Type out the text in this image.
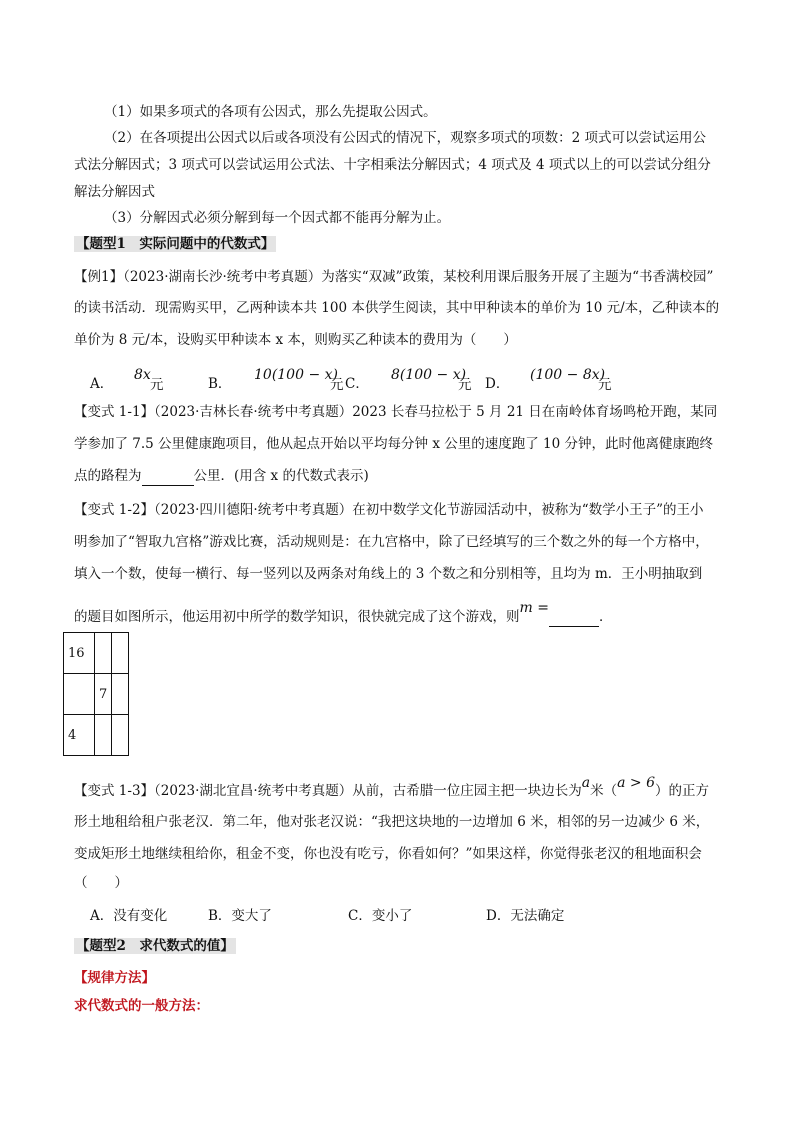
（1）如果多项式的各项有公因式，那么先提取公因式。
（2）在各项提出公因式以后或各项没有公因式的情况下，观察多项式的项数：2 项式可以尝试运用公
式法分解因式；3 项式可以尝试运用公式法、十字相乘法分解因式；4 项式及 4 项式以上的可以尝试分组分
解法分解因式
（3）分解因式必须分解到每一个因式都不能再分解为止。
【题型1　实际问题中的代数式】
【例1】（2023·湖南长沙·统考中考真题）为落实“双减”政策，某校利用课后服务开展了主题为“书香满校园”
的读书活动．现需购买甲，乙两种读本共 100 本供学生阅读，其中甲种读本的单价为 10 元/本，乙种读本的
单价为 8 元/本，设购买甲种读本 x 本，则购买乙种读本的费用为（　　）
A．
8x
元	B．
10(100 − x)
元 C．
8(100 − x)
元 D．
(100 − 8x)
元
【变式 1-1】（2023·吉林长春·统考中考真题）2023 长春马拉松于 5 月 21 日在南岭体育场鸣枪开跑，某同
学参加了 7.5 公里健康跑项目，他从起点开始以平均每分钟 x 公里的速度跑了 10 分钟，此时他离健康跑终
点的路程为	公里．(用含 x 的代数式表示)
【变式 1-2】（2023·四川德阳·统考中考真题）在初中数学文化节游园活动中，被称为“数学小王子”的王小
明参加了“智取九宫格”游戏比赛，活动规则是：在九宫格中，除了已经填写的三个数之外的每一个方格中，
填入一个数，使每一横行、每一竖列以及两条对角线上的 3 个数之和分别相等，且均为 m．王小明抽取到
的题目如图所示，他运用初中所学的数学知识，很快就完成了这个游戏，则m =．
16		
	7	
4		
【变式 1-3】（2023·湖北宜昌·统考中考真题）从前，古希腊一位庄园主把一块边长为a米（a > 6）的正方
形土地租给租户张老汉．第二年，他对张老汉说：“我把这块地的一边增加 6 米，相邻的另一边减少 6 米，
变成矩形土地继续租给你，租金不变，你也没有吃亏，你看如何？”如果这样，你觉得张老汉的租地面积会
（　　）
A．没有变化	B．变大了	C．变小了	D．无法确定
【题型2　求代数式的值】
【规律方法】
求代数式的一般方法：
